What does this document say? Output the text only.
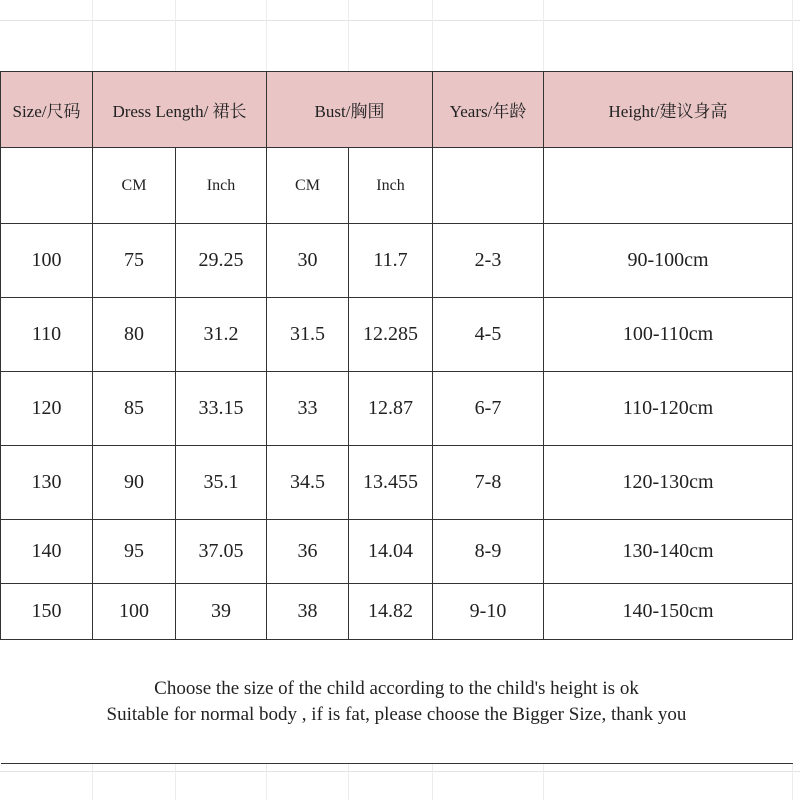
Size/尺码	Dress Length/ 裙长		Bust/胸围		Years/年龄	Height/建议身高
	CM	Inch	CM	Inch		
100	75	29.25	30	11.7	2-3	90-100cm
110	80	31.2	31.5	12.285	4-5	100-110cm
120	85	33.15	33	12.87	6-7	110-120cm
130	90	35.1	34.5	13.455	7-8	120-130cm
140	95	37.05	36	14.04	8-9	130-140cm
150	100	39	38	14.82	9-10	140-150cm

Choose the size of the child according to the child's height is ok
Suitable for normal body , if is fat, please choose the Bigger Size, thank you						
